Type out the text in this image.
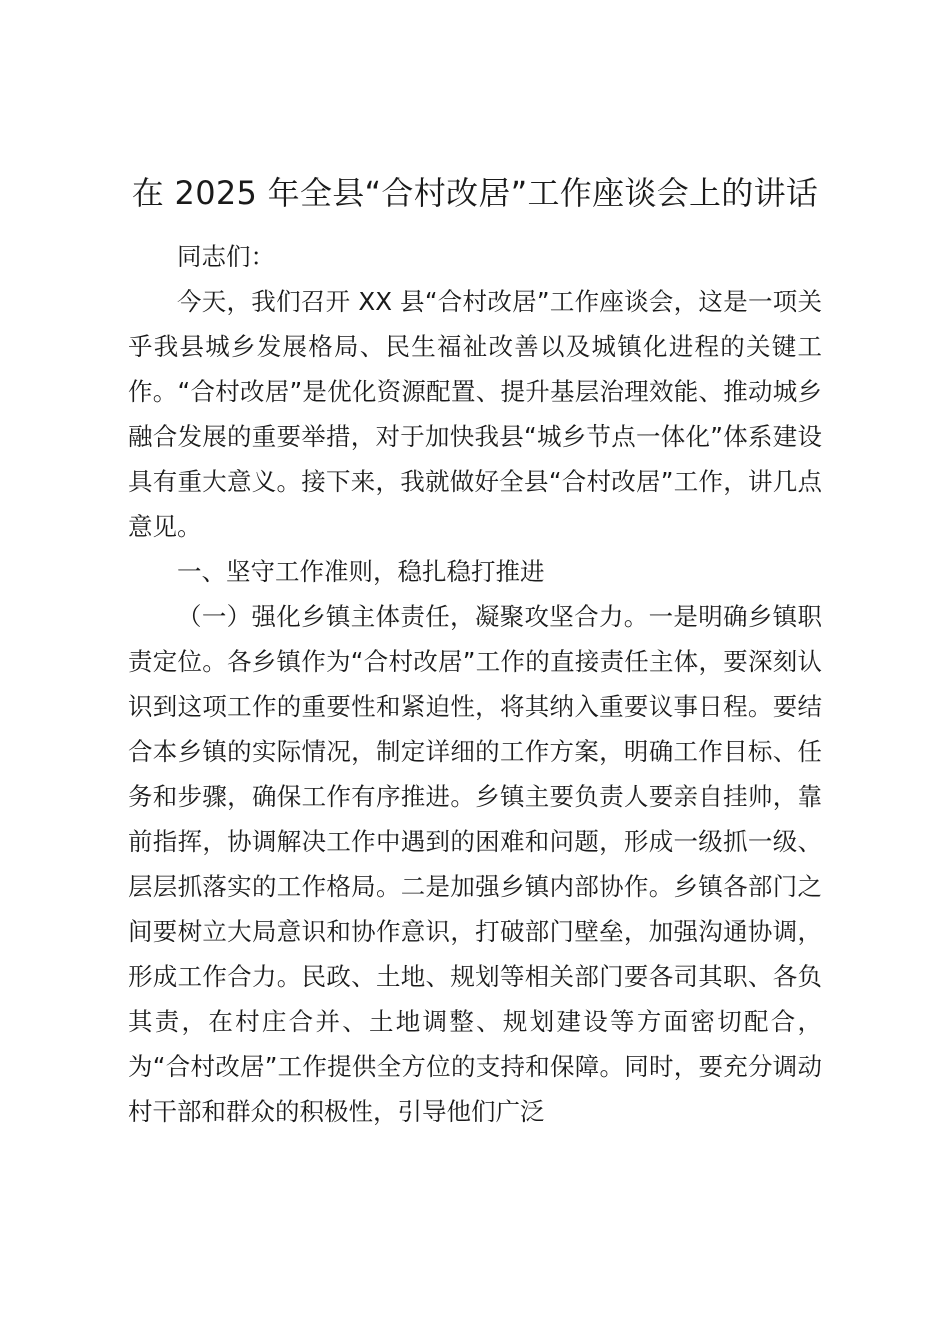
在 2025 年全县“合村改居”工作座谈会上的讲话

同志们：

今天，我们召开 XX 县“合村改居”工作座谈会，这是一项关乎我县城乡发展格局、民生福祉改善以及城镇化进程的关键工作。“合村改居”是优化资源配置、提升基层治理效能、推动城乡融合发展的重要举措，对于加快我县“城乡节点一体化”体系建设具有重大意义。接下来，我就做好全县“合村改居”工作，讲几点意见。

一、坚守工作准则，稳扎稳打推进

（一）强化乡镇主体责任，凝聚攻坚合力。一是明确乡镇职责定位。各乡镇作为“合村改居”工作的直接责任主体，要深刻认识到这项工作的重要性和紧迫性，将其纳入重要议事日程。要结合本乡镇的实际情况，制定详细的工作方案，明确工作目标、任务和步骤，确保工作有序推进。乡镇主要负责人要亲自挂帅，靠前指挥，协调解决工作中遇到的困难和问题，形成一级抓一级、层层抓落实的工作格局。二是加强乡镇内部协作。乡镇各部门之间要树立大局意识和协作意识，打破部门壁垒，加强沟通协调，形成工作合力。民政、土地、规划等相关部门要各司其职、各负其责，在村庄合并、土地调整、规划建设等方面密切配合，为“合村改居”工作提供全方位的支持和保障。同时，要充分调动村干部和群众的积极性，引导他们广泛
